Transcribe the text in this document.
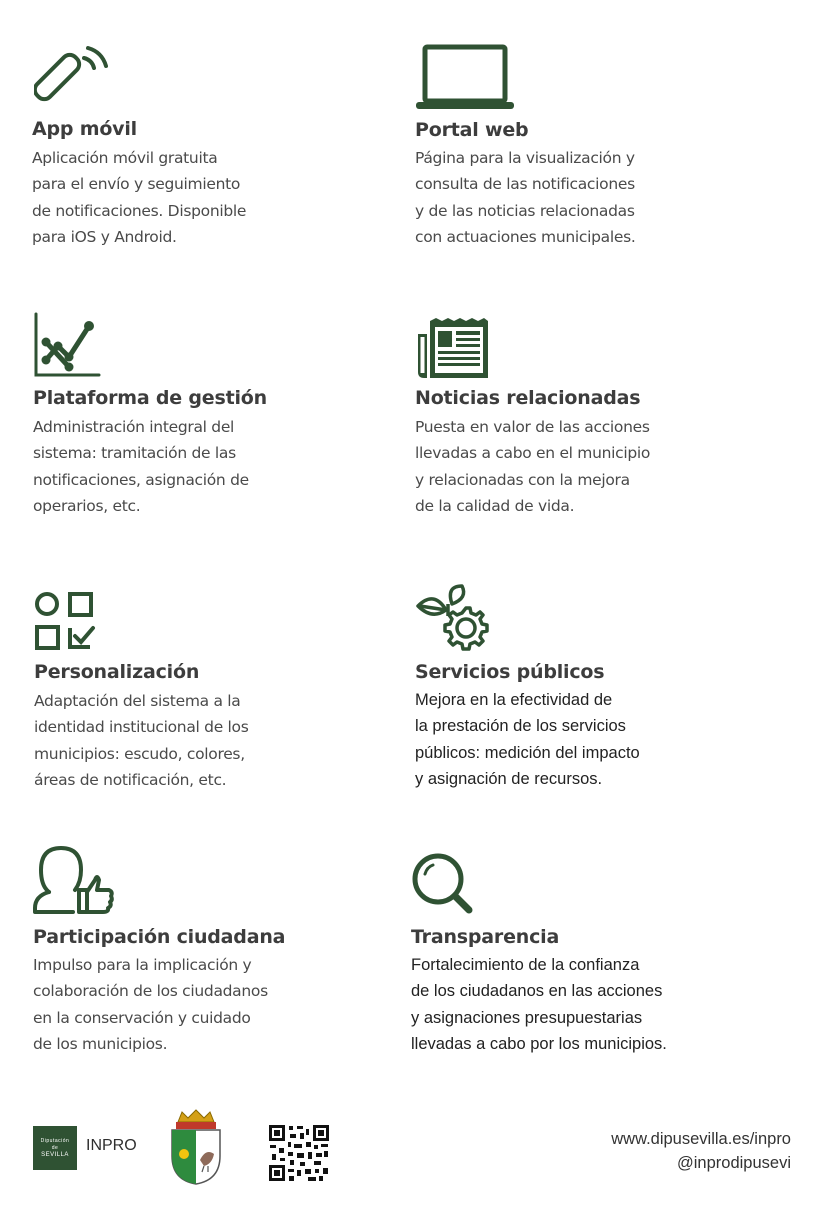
App móvil
Aplicación móvil gratuita
para el envío y seguimiento
de notificaciones. Disponible
para iOS y Android.
Portal web
Página para la visualización y
consulta de las notificaciones
y de las noticias relacionadas
con actuaciones municipales.
Plataforma de gestión
Administración integral del
sistema: tramitación de las
notificaciones, asignación de
operarios, etc.
Noticias relacionadas
Puesta en valor de las acciones
llevadas a cabo en el municipio
y relacionadas con la mejora
de la calidad de vida.
Personalización
Adaptación del sistema a la
identidad institucional de los
municipios: escudo, colores,
áreas de notificación, etc.
Servicios públicos
Mejora en la efectividad de
la prestación de los servicios
públicos: medición del impacto
y asignación de recursos.
Participación ciudadana
Impulso para la implicación y
colaboración de los ciudadanos
en la conservación y cuidado
de los municipios.
Transparencia
Fortalecimiento de la confianza
de los ciudadanos en las acciones
y asignaciones presupuestarias
llevadas a cabo por los municipios.
Diputación
de
SEVILLA
INPRO	www.dipusevilla.es/inpro
@inprodipusevi
